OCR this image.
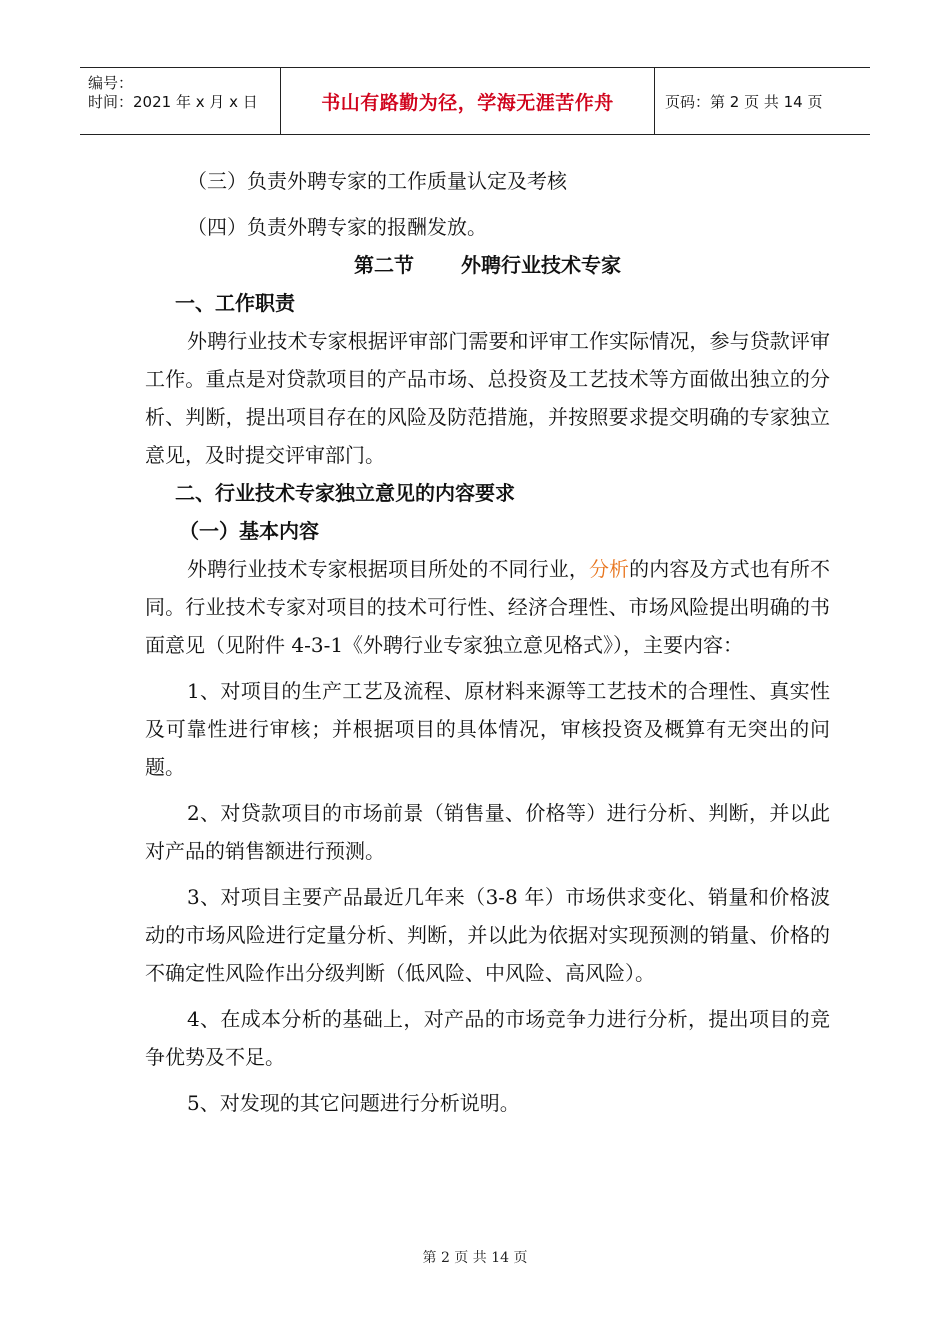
编号：
时间：2021 年 x 月 x 日	书山有路勤为径，学海无涯苦作舟	页码：第 2 页 共 14 页

（三）负责外聘专家的工作质量认定及考核

（四）负责外聘专家的报酬发放。

第二节 外聘行业技术专家

一、工作职责

外聘行业技术专家根据评审部门需要和评审工作实际情况，参与贷款评审工作。重点是对贷款项目的产品市场、总投资及工艺技术等方面做出独立的分析、判断，提出项目存在的风险及防范措施，并按照要求提交明确的专家独立意见，及时提交评审部门。

二、行业技术专家独立意见的内容要求

（一）基本内容

外聘行业技术专家根据项目所处的不同行业，分析的内容及方式也有所不同。行业技术专家对项目的技术可行性、经济合理性、市场风险提出明确的书面意见（见附件 4-3-1《外聘行业专家独立意见格式》），主要内容：

1、对项目的生产工艺及流程、原材料来源等工艺技术的合理性、真实性及可靠性进行审核；并根据项目的具体情况，审核投资及概算有无突出的问题。

2、对贷款项目的市场前景（销售量、价格等）进行分析、判断，并以此对产品的销售额进行预测。

3、对项目主要产品最近几年来（3-8 年）市场供求变化、销量和价格波动的市场风险进行定量分析、判断，并以此为依据对实现预测的销量、价格的不确定性风险作出分级判断（低风险、中风险、高风险）。

4、在成本分析的基础上，对产品的市场竞争力进行分析，提出项目的竞争优势及不足。

5、对发现的其它问题进行分析说明。

第 2 页 共 14 页
